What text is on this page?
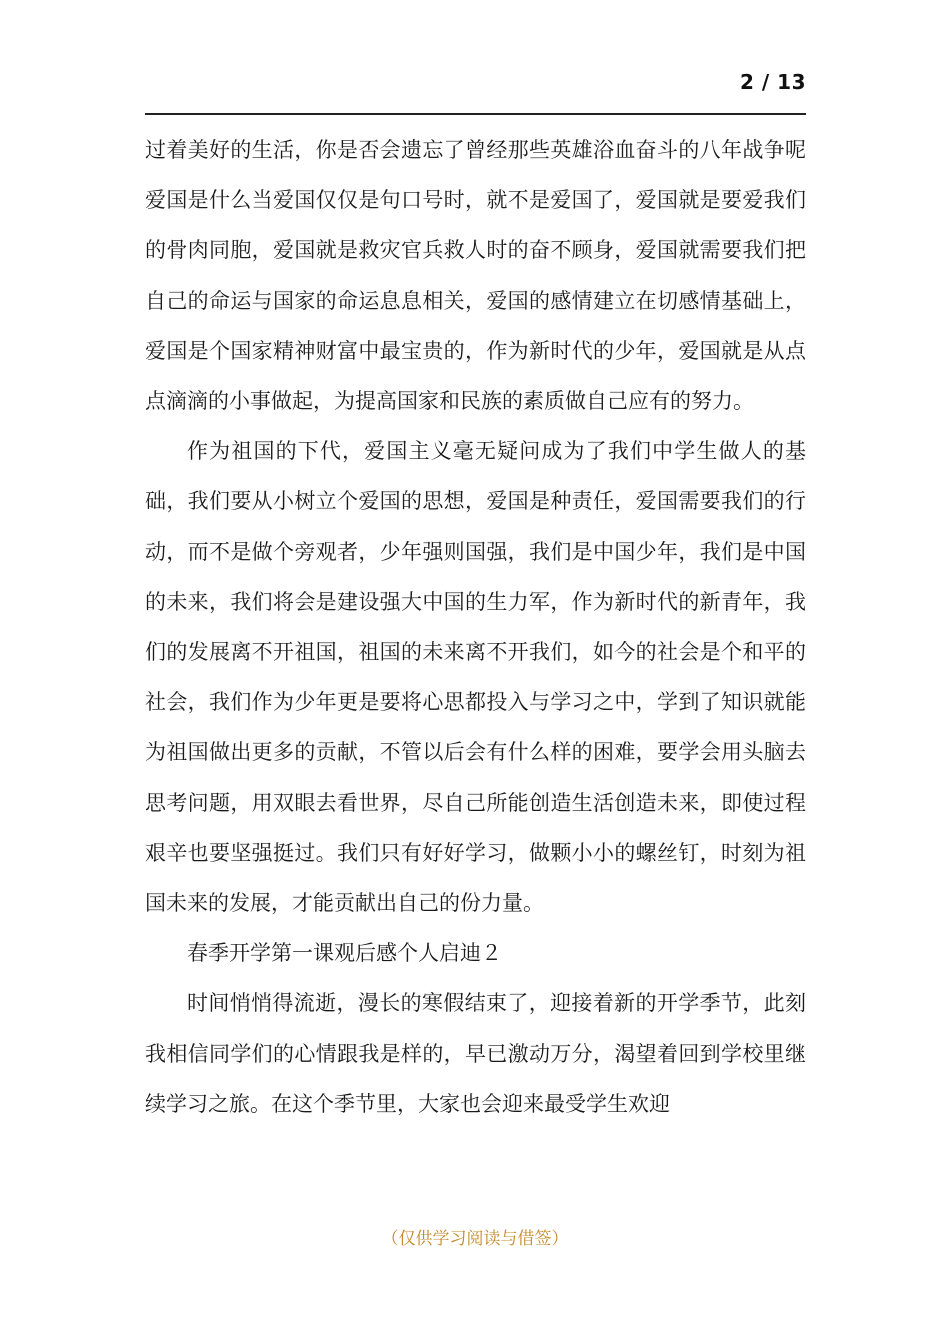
2 / 13

过着美好的生活，你是否会遗忘了曾经那些英雄浴血奋斗的八年战争呢爱国是什么当爱国仅仅是句口号时，就不是爱国了，爱国就是要爱我们的骨肉同胞，爱国就是救灾官兵救人时的奋不顾身，爱国就需要我们把自己的命运与国家的命运息息相关，爱国的感情建立在切感情基础上，爱国是个国家精神财富中最宝贵的，作为新时代的少年，爱国就是从点点滴滴的小事做起，为提高国家和民族的素质做自己应有的努力。

作为祖国的下代，爱国主义毫无疑问成为了我们中学生做人的基础，我们要从小树立个爱国的思想，爱国是种责任，爱国需要我们的行动，而不是做个旁观者，少年强则国强，我们是中国少年，我们是中国的未来，我们将会是建设强大中国的生力军，作为新时代的新青年，我们的发展离不开祖国，祖国的未来离不开我们，如今的社会是个和平的社会，我们作为少年更是要将心思都投入与学习之中，学到了知识就能为祖国做出更多的贡献，不管以后会有什么样的困难，要学会用头脑去思考问题，用双眼去看世界，尽自己所能创造生活创造未来，即使过程艰辛也要坚强挺过。我们只有好好学习，做颗小小的螺丝钉，时刻为祖国未来的发展，才能贡献出自己的份力量。

春季开学第一课观后感个人启迪２

时间悄悄得流逝，漫长的寒假结束了，迎接着新的开学季节，此刻我相信同学们的心情跟我是样的，早已激动万分，渴望着回到学校里继续学习之旅。在这个季节里，大家也会迎来最受学生欢迎

（仅供学习阅读与借签）
